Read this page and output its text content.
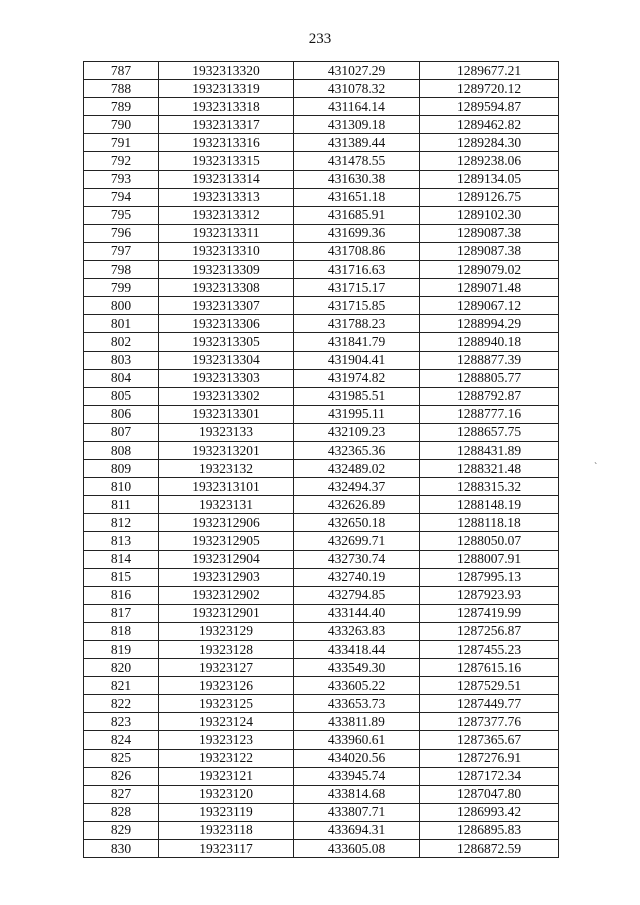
233
787	1932313320	431027.29	1289677.21
788	1932313319	431078.32	1289720.12
789	1932313318	431164.14	1289594.87
790	1932313317	431309.18	1289462.82
791	1932313316	431389.44	1289284.30
792	1932313315	431478.55	1289238.06
793	1932313314	431630.38	1289134.05
794	1932313313	431651.18	1289126.75
795	1932313312	431685.91	1289102.30
796	1932313311	431699.36	1289087.38
797	1932313310	431708.86	1289087.38
798	1932313309	431716.63	1289079.02
799	1932313308	431715.17	1289071.48
800	1932313307	431715.85	1289067.12
801	1932313306	431788.23	1288994.29
802	1932313305	431841.79	1288940.18
803	1932313304	431904.41	1288877.39
804	1932313303	431974.82	1288805.77
805	1932313302	431985.51	1288792.87
806	1932313301	431995.11	1288777.16
807	19323133	432109.23	1288657.75
808	1932313201	432365.36	1288431.89
809	19323132	432489.02	1288321.48
810	1932313101	432494.37	1288315.32
811	19323131	432626.89	1288148.19
812	1932312906	432650.18	1288118.18
813	1932312905	432699.71	1288050.07
814	1932312904	432730.74	1288007.91
815	1932312903	432740.19	1287995.13
816	1932312902	432794.85	1287923.93
817	1932312901	433144.40	1287419.99
818	19323129	433263.83	1287256.87
819	19323128	433418.44	1287455.23
820	19323127	433549.30	1287615.16
821	19323126	433605.22	1287529.51
822	19323125	433653.73	1287449.77
823	19323124	433811.89	1287377.76
824	19323123	433960.61	1287365.67
825	19323122	434020.56	1287276.91
826	19323121	433945.74	1287172.34
827	19323120	433814.68	1287047.80
828	19323119	433807.71	1286993.42
829	19323118	433694.31	1286895.83
830	19323117	433605.08	1286872.59
ˋ
